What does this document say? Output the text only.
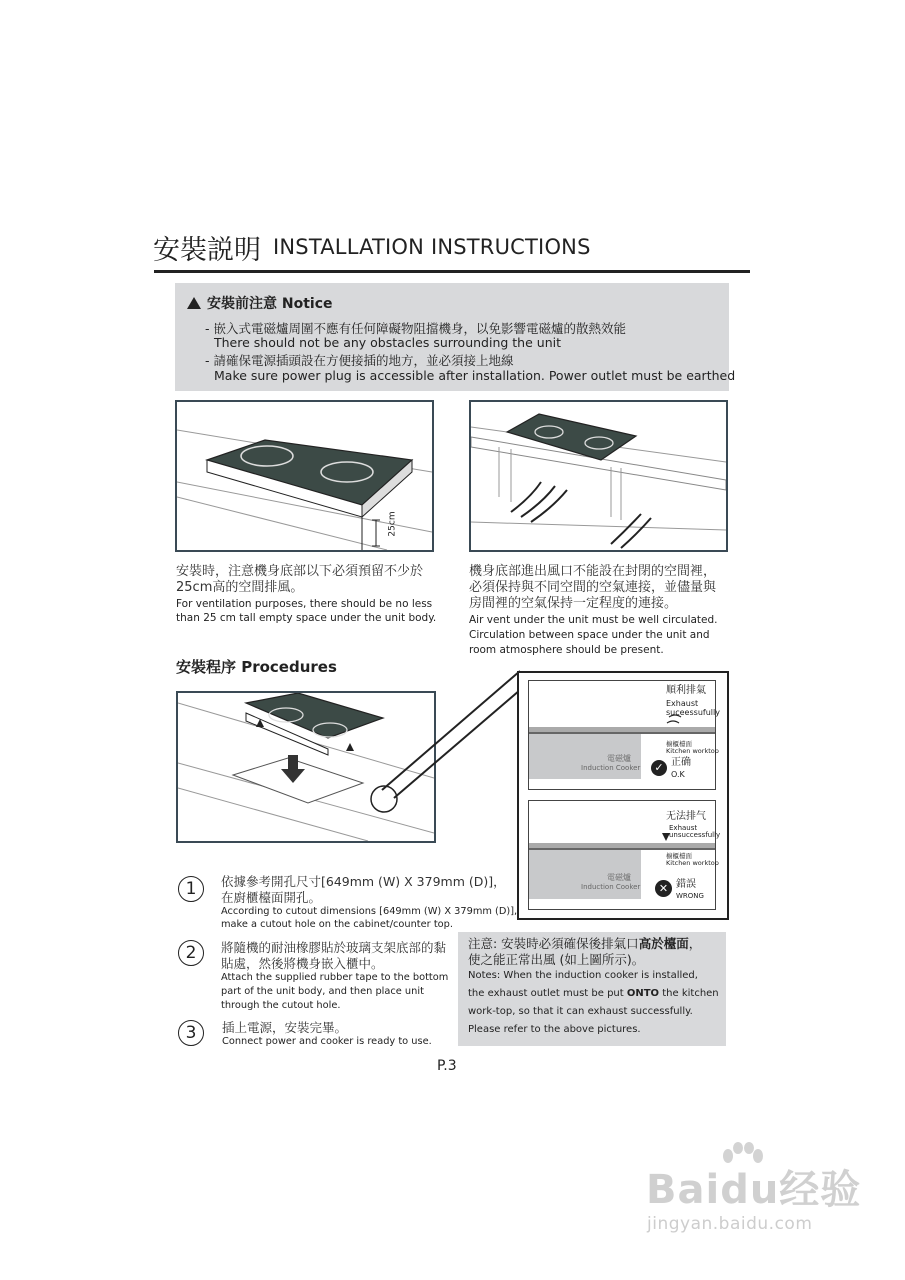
安裝説明 INSTALLATION INSTRUCTIONS
安裝前注意 Notice
- 嵌入式電磁爐周圍不應有任何障礙物阻擋機身，以免影響電磁爐的散熱效能
There should not be any obstacles surrounding the unit
- 請確保電源插頭設在方便接插的地方，並必須接上地線
Make sure power plug is accessible after installation. Power outlet must be earthed
25cm
安裝時，注意機身底部以下必須預留不少於
25cm高的空間排風。
For ventilation purposes, there should be no less
than 25 cm tall empty space under the unit body.
機身底部進出風口不能設在封閉的空間裡，
必須保持與不同空間的空氣連接，並儘量與
房間裡的空氣保持一定程度的連接。
Air vent under the unit must be well circulated.
Circulation between space under the unit and
room atmosphere should be present.
安裝程序 Procedures
順利排氣
Exhaust
suceessufully
櫥櫃檯面
Kitchen worktop
電磁爐
Induction Cooker	✓ 正确
O.K
无法排气
Exhaust
unsuccessfully
櫥櫃檯面
Kitchen worktop
電磁爐
Induction Cooker	✕ 錯誤
WRONG
1	依據參考開孔尺寸[649mm (W) X 379mm (D)]，
在廚櫃檯面開孔。
According to cutout dimensions [649mm (W) X 379mm (D)],
make a cutout hole on the cabinet/counter top.
2	將隨機的耐油橡膠貼於玻璃支架底部的黏
貼處，然後將機身嵌入櫃中。
Attach the supplied rubber tape to the bottom
part of the unit body, and then place unit
through the cutout hole.
3	插上電源，安裝完畢。
Connect power and cooker is ready to use.
注意: 安裝時必須確保後排氣口高於檯面，
使之能正常出風 (如上圖所示)。
Notes: When the induction cooker is installed,
the exhaust outlet must be put ONTO the kitchen
work-top, so that it can exhaust successfully.
Please refer to the above pictures.
P.3
Baidu经验
jingyan.baidu.com
